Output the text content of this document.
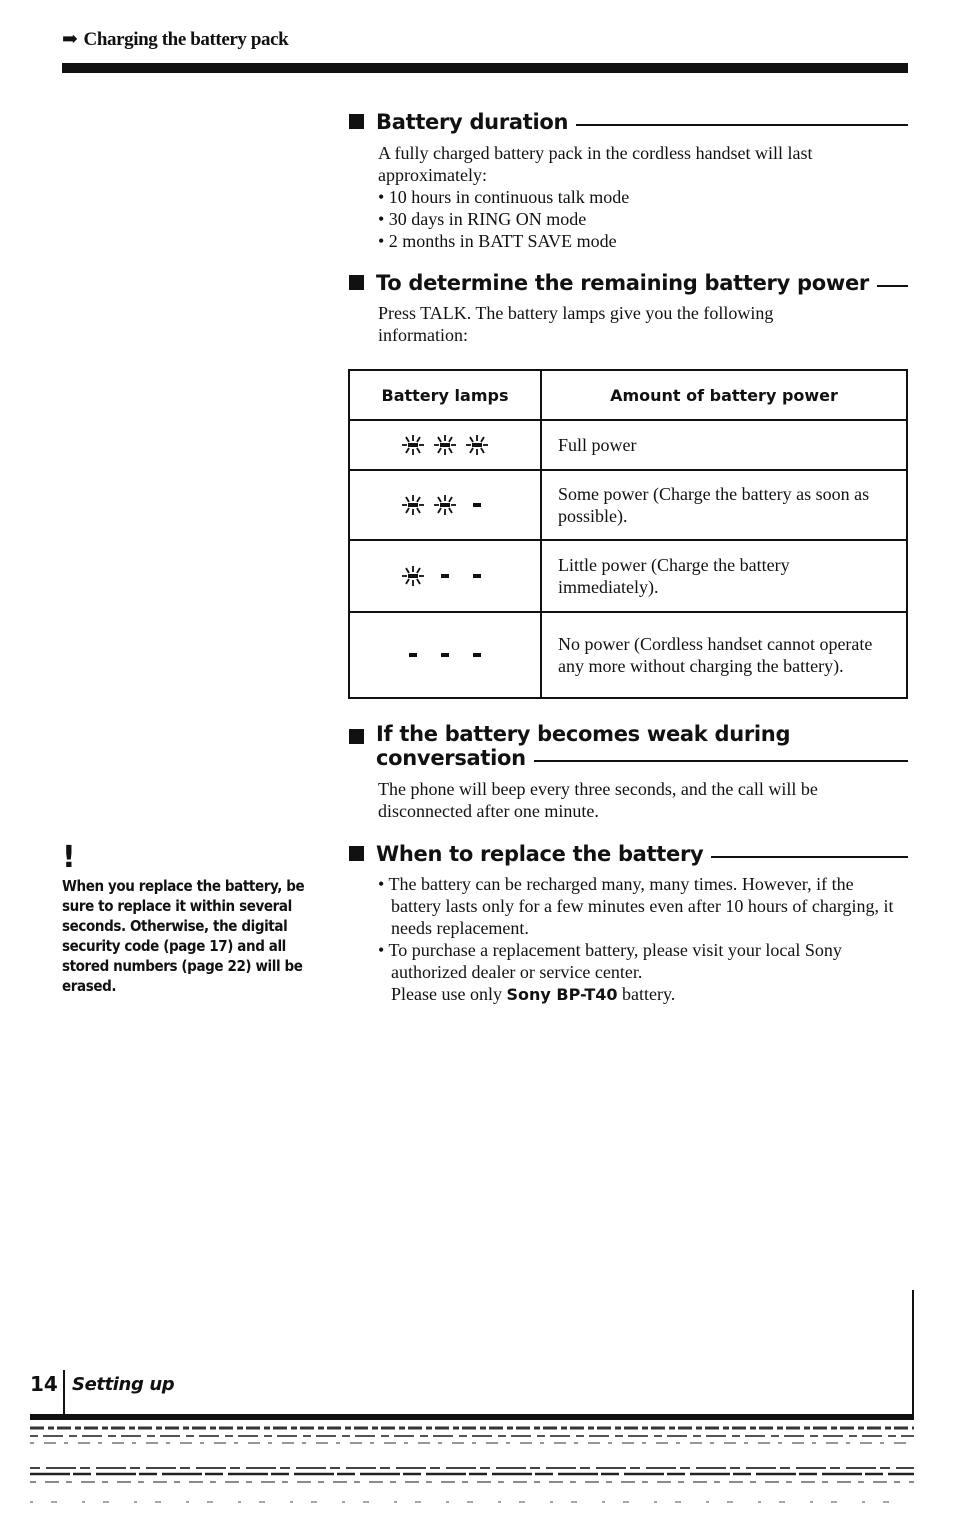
➡ Charging the battery pack
Battery duration

A fully charged battery pack in the cordless handset will last approximately:

• 10 hours in continuous talk mode

• 30 days in RING ON mode

• 2 months in BATT SAVE mode

To determine the remaining battery power

Press TALK. The battery lamps give you the following information:

Battery lamps	Amount of battery power

	Full power

	Some power (Charge the battery as soon as possible).

	Little power (Charge the battery immediately).

	No power (Cordless handset cannot operate any more without charging the battery).
If the battery becomes weak during
conversation

The phone will beep every three seconds, and the call will be disconnected after one minute.

When to replace the battery

• The battery can be recharged many, many times. However, if the battery lasts only for a few minutes even after 10 hours of charging, it needs replacement.

• To purchase a replacement battery, please visit your local Sony authorized dealer or service center.

Please use only Sony BP-T40 battery.

!
When you replace the battery, be sure to replace it within several seconds. Otherwise, the digital security code (page 17) and all stored numbers (page 22) will be erased.
14 Setting up
